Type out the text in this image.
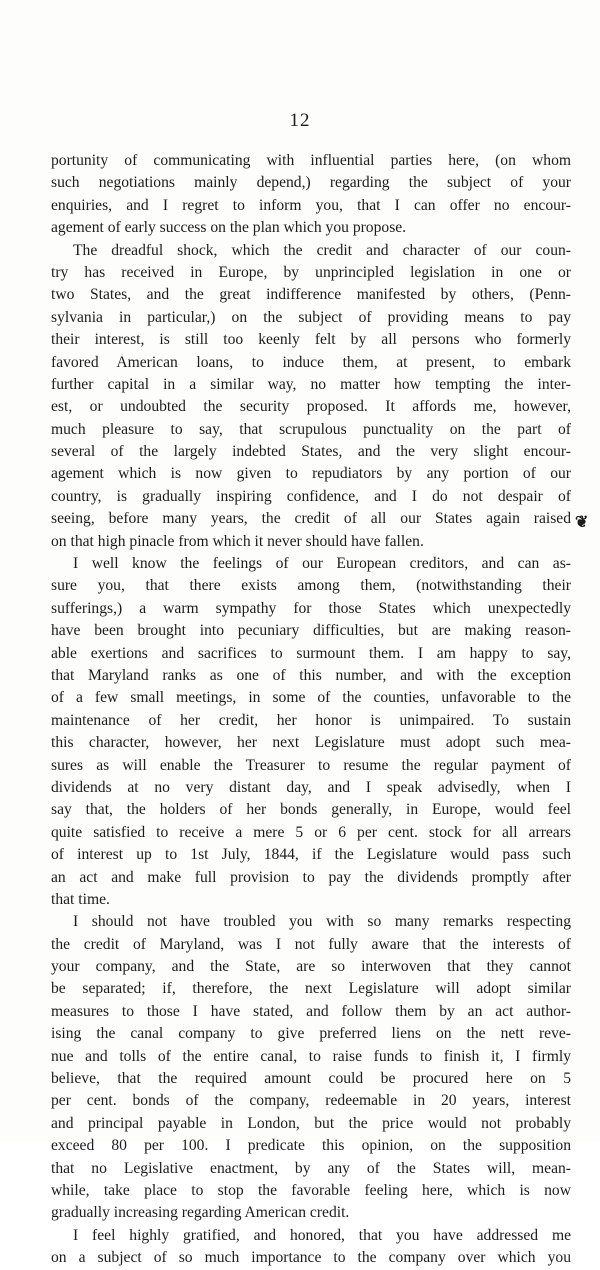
12
❦
portunity of communicating with influential parties here, (on whom
such negotiations mainly depend,) regarding the subject of your
enquiries, and I regret to inform you, that I can offer no encour-
agement of early success on the plan which you propose.
The dreadful shock, which the credit and character of our coun-
try has received in Europe, by unprincipled legislation in one or
two States, and the great indifference manifested by others, (Penn-
sylvania in particular,) on the subject of providing means to pay
their interest, is still too keenly felt by all persons who formerly
favored American loans, to induce them, at present, to embark
further capital in a similar way, no matter how tempting the inter-
est, or undoubted the security proposed. It affords me, however,
much pleasure to say, that scrupulous punctuality on the part of
several of the largely indebted States, and the very slight encour-
agement which is now given to repudiators by any portion of our
country, is gradually inspiring confidence, and I do not despair of
seeing, before many years, the credit of all our States again raised
on that high pinacle from which it never should have fallen.
I well know the feelings of our European creditors, and can as-
sure you, that there exists among them, (notwithstanding their
sufferings,) a warm sympathy for those States which unexpectedly
have been brought into pecuniary difficulties, but are making reason-
able exertions and sacrifices to surmount them. I am happy to say,
that Maryland ranks as one of this number, and with the exception
of a few small meetings, in some of the counties, unfavorable to the
maintenance of her credit, her honor is unimpaired. To sustain
this character, however, her next Legislature must adopt such mea-
sures as will enable the Treasurer to resume the regular payment of
dividends at no very distant day, and I speak advisedly, when I
say that, the holders of her bonds generally, in Europe, would feel
quite satisfied to receive a mere 5 or 6 per cent. stock for all arrears
of interest up to 1st July, 1844, if the Legislature would pass such
an act and make full provision to pay the dividends promptly after
that time.
I should not have troubled you with so many remarks respecting
the credit of Maryland, was I not fully aware that the interests of
your company, and the State, are so interwoven that they cannot
be separated; if, therefore, the next Legislature will adopt similar
measures to those I have stated, and follow them by an act author-
ising the canal company to give preferred liens on the nett reve-
nue and tolls of the entire canal, to raise funds to finish it, I firmly
believe, that the required amount could be procured here on 5
per cent. bonds of the company, redeemable in 20 years, interest
and principal payable in London, but the price would not probably
exceed 80 per 100. I predicate this opinion, on the supposition
that no Legislative enactment, by any of the States will, mean-
while, take place to stop the favorable feeling here, which is now
gradually increasing regarding American credit.
I feel highly gratified, and honored, that you have addressed me
on a subject of so much importance to the company over which you
